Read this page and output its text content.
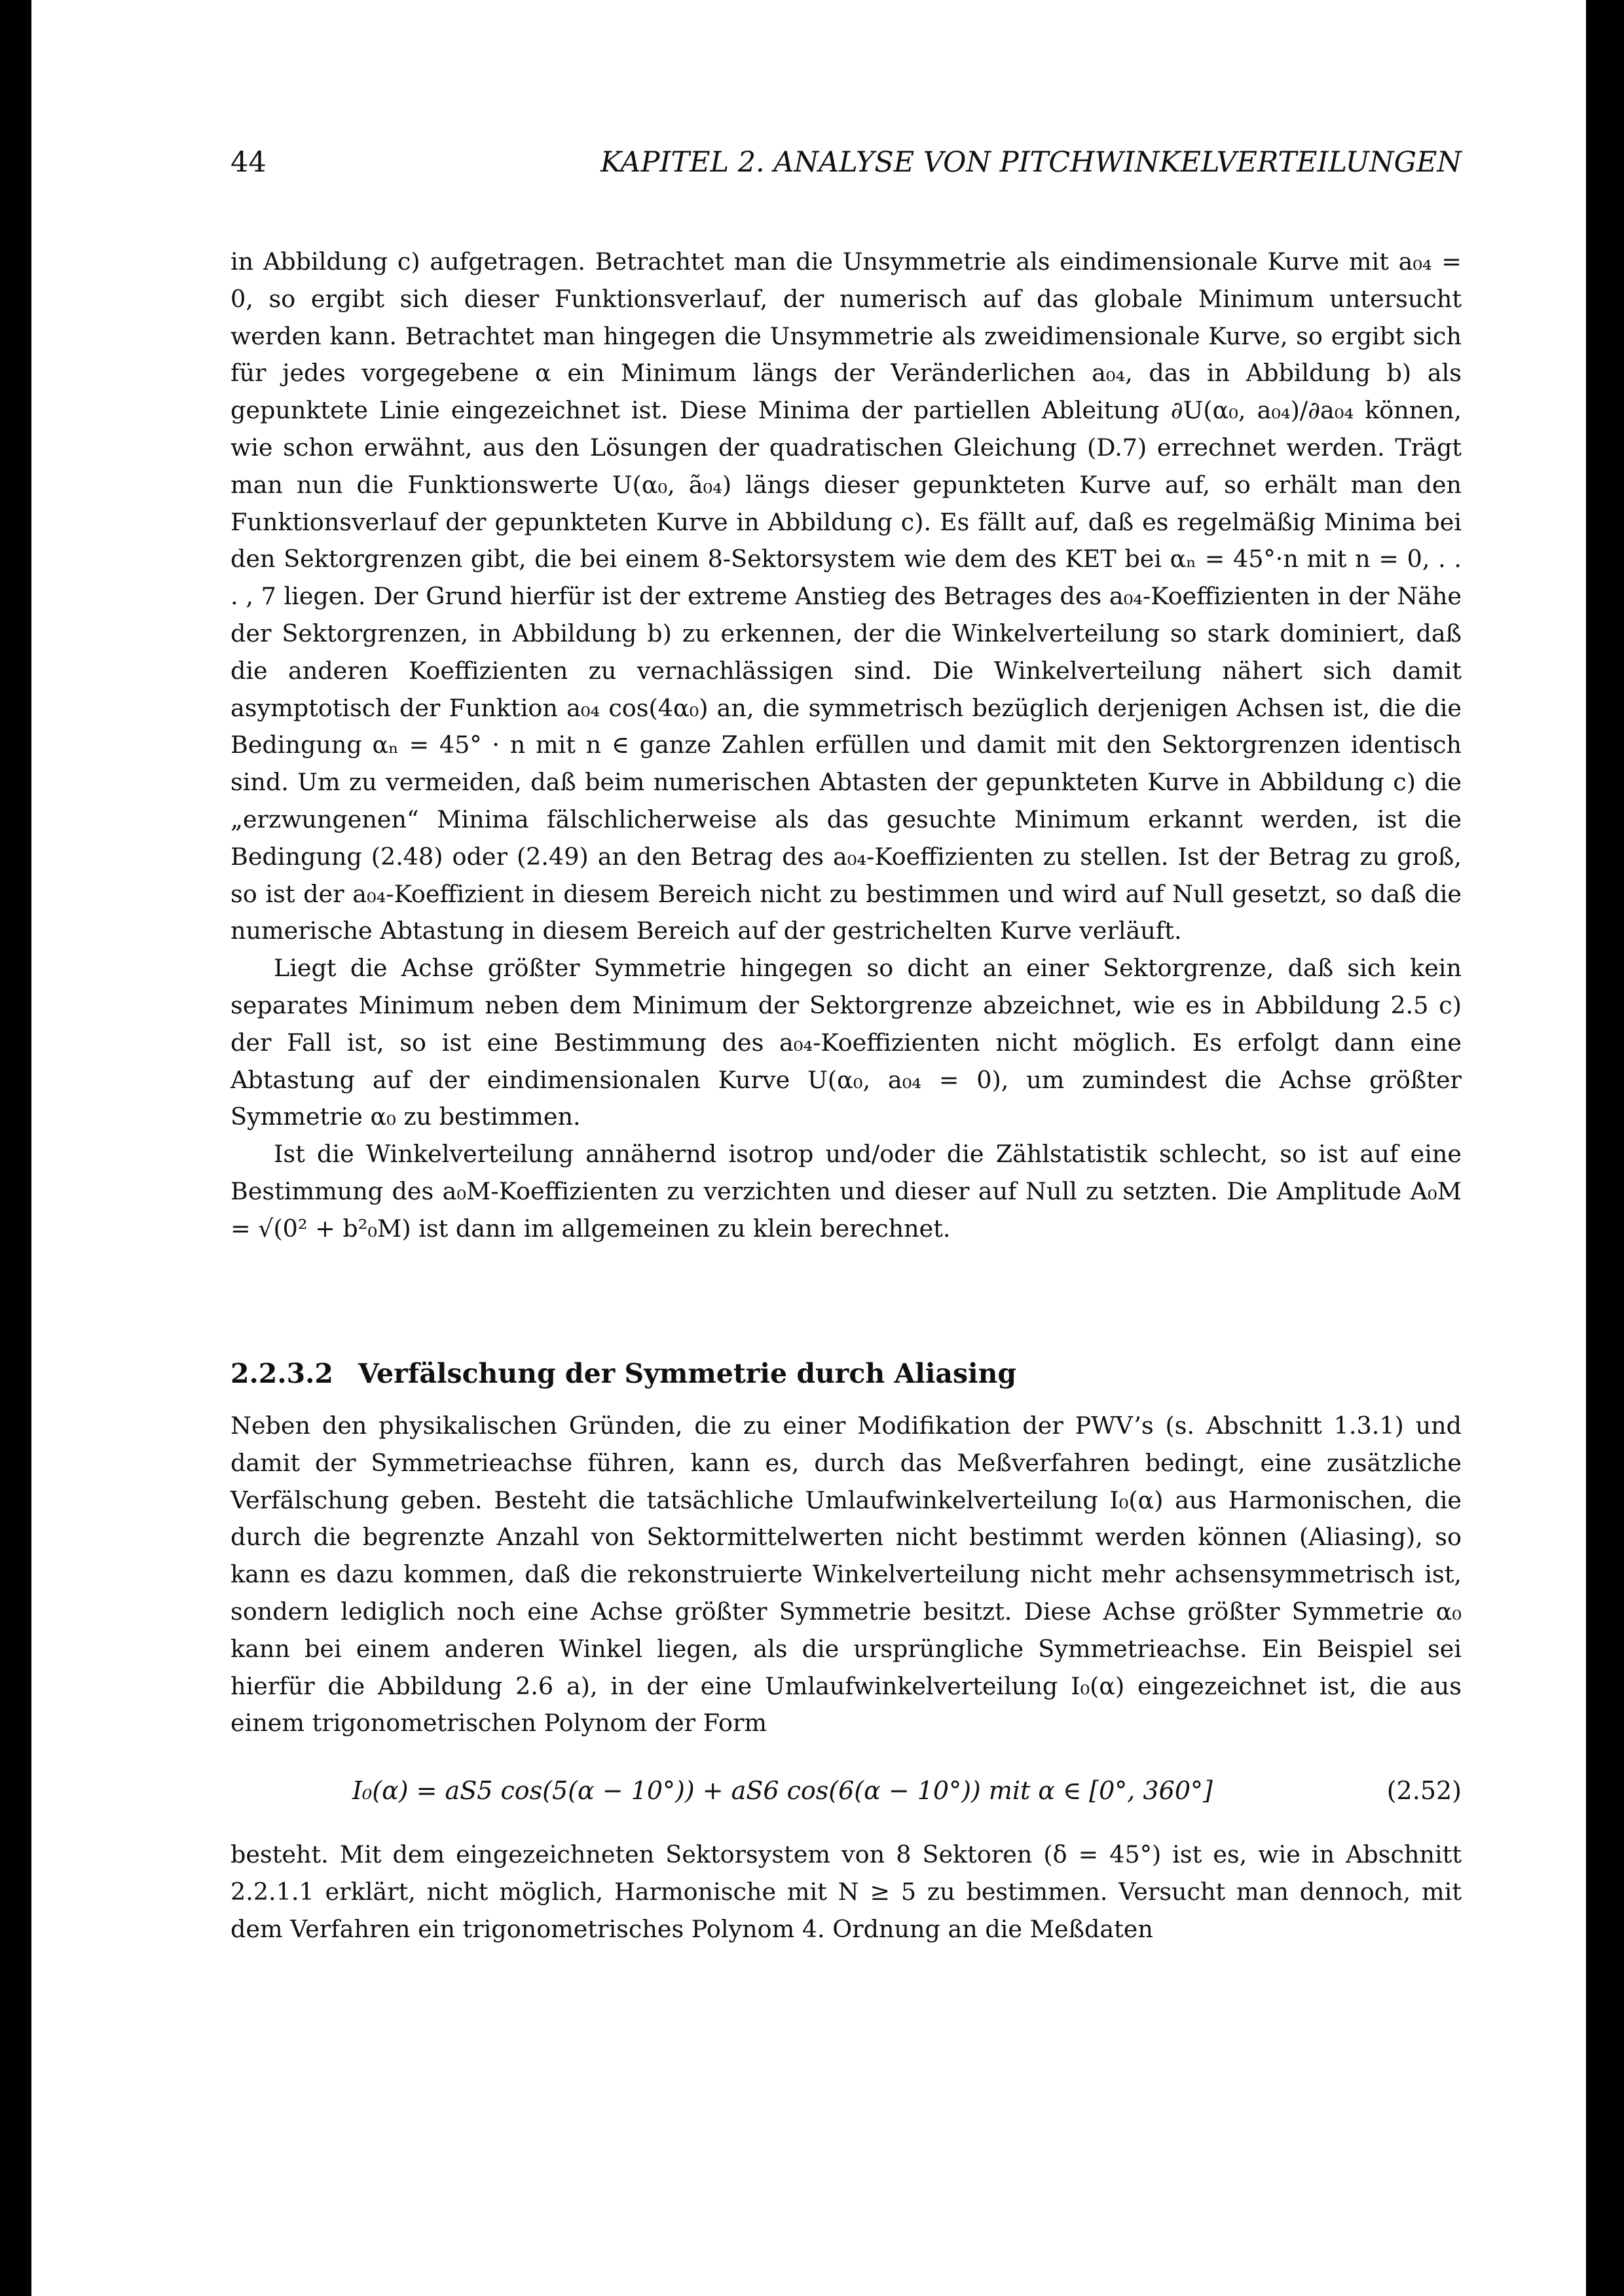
44	KAPITEL 2. ANALYSE VON PITCHWINKELVERTEILUNGEN

in Abbildung c) aufgetragen. Betrachtet man die Unsymmetrie als eindimensionale Kurve mit a₀₄ = 0, so ergibt sich dieser Funktionsverlauf, der numerisch auf das globale Minimum untersucht werden kann. Betrachtet man hingegen die Unsymmetrie als zweidimensionale Kurve, so ergibt sich für jedes vorgegebene α ein Minimum längs der Veränderlichen a₀₄, das in Abbildung b) als gepunktete Linie eingezeichnet ist. Diese Minima der partiellen Ableitung ∂U(α₀, a₀₄)/∂a₀₄ können, wie schon erwähnt, aus den Lösungen der quadratischen Gleichung (D.7) errechnet werden. Trägt man nun die Funktionswerte U(α₀, ã₀₄) längs dieser gepunkteten Kurve auf, so erhält man den Funktionsverlauf der gepunkteten Kurve in Abbildung c). Es fällt auf, daß es regelmäßig Minima bei den Sektorgrenzen gibt, die bei einem 8-Sektorsystem wie dem des KET bei αₙ = 45°·n mit n = 0, . . . , 7 liegen. Der Grund hierfür ist der extreme Anstieg des Betrages des a₀₄-Koeffizienten in der Nähe der Sektorgrenzen, in Abbildung b) zu erkennen, der die Winkelverteilung so stark dominiert, daß die anderen Koeffizienten zu vernachlässigen sind. Die Winkelverteilung nähert sich damit asymptotisch der Funktion a₀₄ cos(4α₀) an, die symmetrisch bezüglich derjenigen Achsen ist, die die Bedingung αₙ = 45° · n mit n ∈ ganze Zahlen erfüllen und damit mit den Sektorgrenzen identisch sind. Um zu vermeiden, daß beim numerischen Abtasten der gepunkteten Kurve in Abbildung c) die „erzwungenen“ Minima fälschlicherweise als das gesuchte Minimum erkannt werden, ist die Bedingung (2.48) oder (2.49) an den Betrag des a₀₄-Koeffizienten zu stellen. Ist der Betrag zu groß, so ist der a₀₄-Koeffizient in diesem Bereich nicht zu bestimmen und wird auf Null gesetzt, so daß die numerische Abtastung in diesem Bereich auf der gestrichelten Kurve verläuft.

Liegt die Achse größter Symmetrie hingegen so dicht an einer Sektorgrenze, daß sich kein separates Minimum neben dem Minimum der Sektorgrenze abzeichnet, wie es in Abbildung 2.5 c) der Fall ist, so ist eine Bestimmung des a₀₄-Koeffizienten nicht möglich. Es erfolgt dann eine Abtastung auf der eindimensionalen Kurve U(α₀, a₀₄ = 0), um zumindest die Achse größter Symmetrie α₀ zu bestimmen.

Ist die Winkelverteilung annähernd isotrop und/oder die Zählstatistik schlecht, so ist auf eine Bestimmung des a₀M-Koeffizienten zu verzichten und dieser auf Null zu setzten. Die Amplitude A₀M = √(0² + b²₀M) ist dann im allgemeinen zu klein berechnet.

2.2.3.2 Verfälschung der Symmetrie durch Aliasing

Neben den physikalischen Gründen, die zu einer Modifikation der PWV’s (s. Abschnitt 1.3.1) und damit der Symmetrieachse führen, kann es, durch das Meßverfahren bedingt, eine zusätzliche Verfälschung geben. Besteht die tatsächliche Umlaufwinkelverteilung I₀(α) aus Harmonischen, die durch die begrenzte Anzahl von Sektormittelwerten nicht bestimmt werden können (Aliasing), so kann es dazu kommen, daß die rekonstruierte Winkelverteilung nicht mehr achsensymmetrisch ist, sondern lediglich noch eine Achse größter Symmetrie besitzt. Diese Achse größter Symmetrie α₀ kann bei einem anderen Winkel liegen, als die ursprüngliche Symmetrieachse. Ein Beispiel sei hierfür die Abbildung 2.6 a), in der eine Umlaufwinkelverteilung I₀(α) eingezeichnet ist, die aus einem trigonometrischen Polynom der Form

I₀(α) = aS5 cos(5(α − 10°)) + aS6 cos(6(α − 10°)) mit α ∈ [0°, 360°]	(2.52)

besteht. Mit dem eingezeichneten Sektorsystem von 8 Sektoren (δ = 45°) ist es, wie in Abschnitt 2.2.1.1 erklärt, nicht möglich, Harmonische mit N ≥ 5 zu bestimmen. Versucht man dennoch, mit dem Verfahren ein trigonometrisches Polynom 4. Ordnung an die Meßdaten
